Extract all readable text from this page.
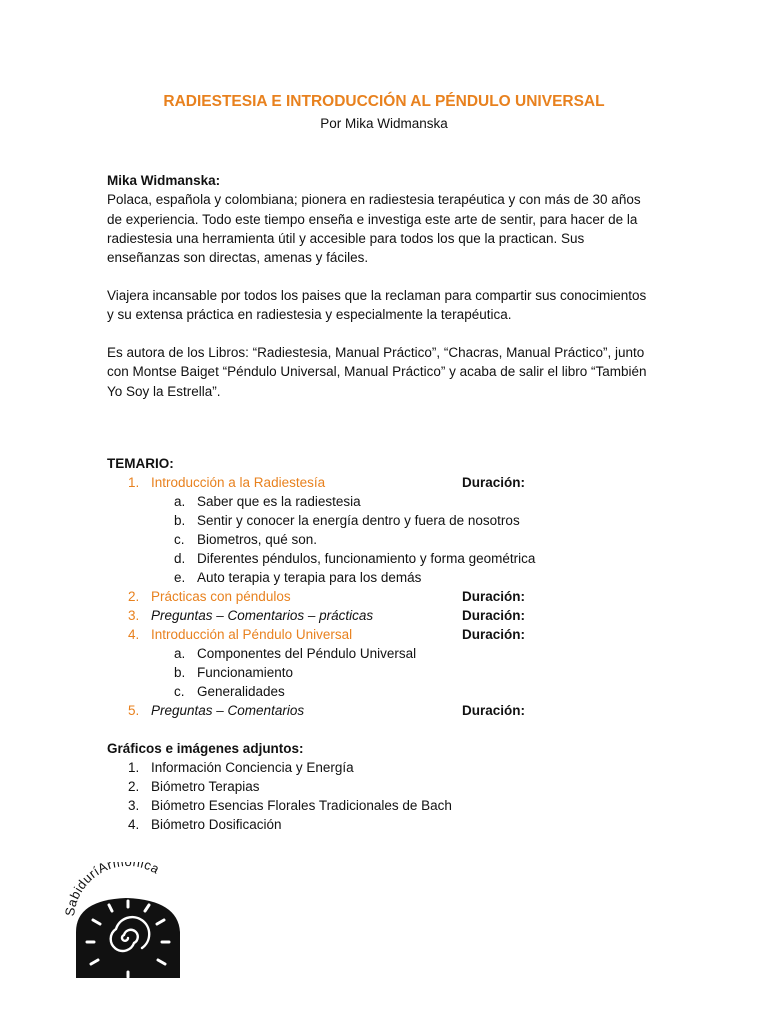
RADIESTESIA E INTRODUCCIÓN AL PÉNDULO UNIVERSAL
Por Mika Widmanska
Mika Widmanska:
Polaca, española y colombiana; pionera en radiestesia terapéutica y con más de 30 años
de experiencia. Todo este tiempo enseña e investiga este arte de sentir, para hacer de la
radiestesia una herramienta útil y accesible para todos los que la practican. Sus
enseñanzas son directas, amenas y fáciles.
Viajera incansable por todos los paises que la reclaman para compartir sus conocimientos
y su extensa práctica en radiestesia y especialmente la terapéutica.
Es autora de los Libros: “Radiestesia, Manual Práctico”, “Chacras, Manual Práctico”, junto
con Montse Baiget “Péndulo Universal, Manual Práctico” y acaba de salir el libro “También
Yo Soy la Estrella”.
TEMARIO:
1. Introducción a la Radiestesía	Duración:
a. Saber que es la radiestesia
b. Sentir y conocer la energía dentro y fuera de nosotros
c. Biometros, qué son.
d. Diferentes péndulos, funcionamiento y forma geométrica
e. Auto terapia y terapia para los demás
2. Prácticas con péndulos	Duración:
3. Preguntas – Comentarios – prácticas	Duración:
4. Introducción al Péndulo Universal	Duración:
a. Componentes del Péndulo Universal
b. Funcionamiento
c. Generalidades
5. Preguntas – Comentarios	Duración:
Gráficos e imágenes adjuntos:
1. Información Conciencia y Energía
2. Biómetro Terapias
3. Biómetro Esencias Florales Tradicionales de Bach
4. Biómetro Dosificación
SabiduríArm nica
